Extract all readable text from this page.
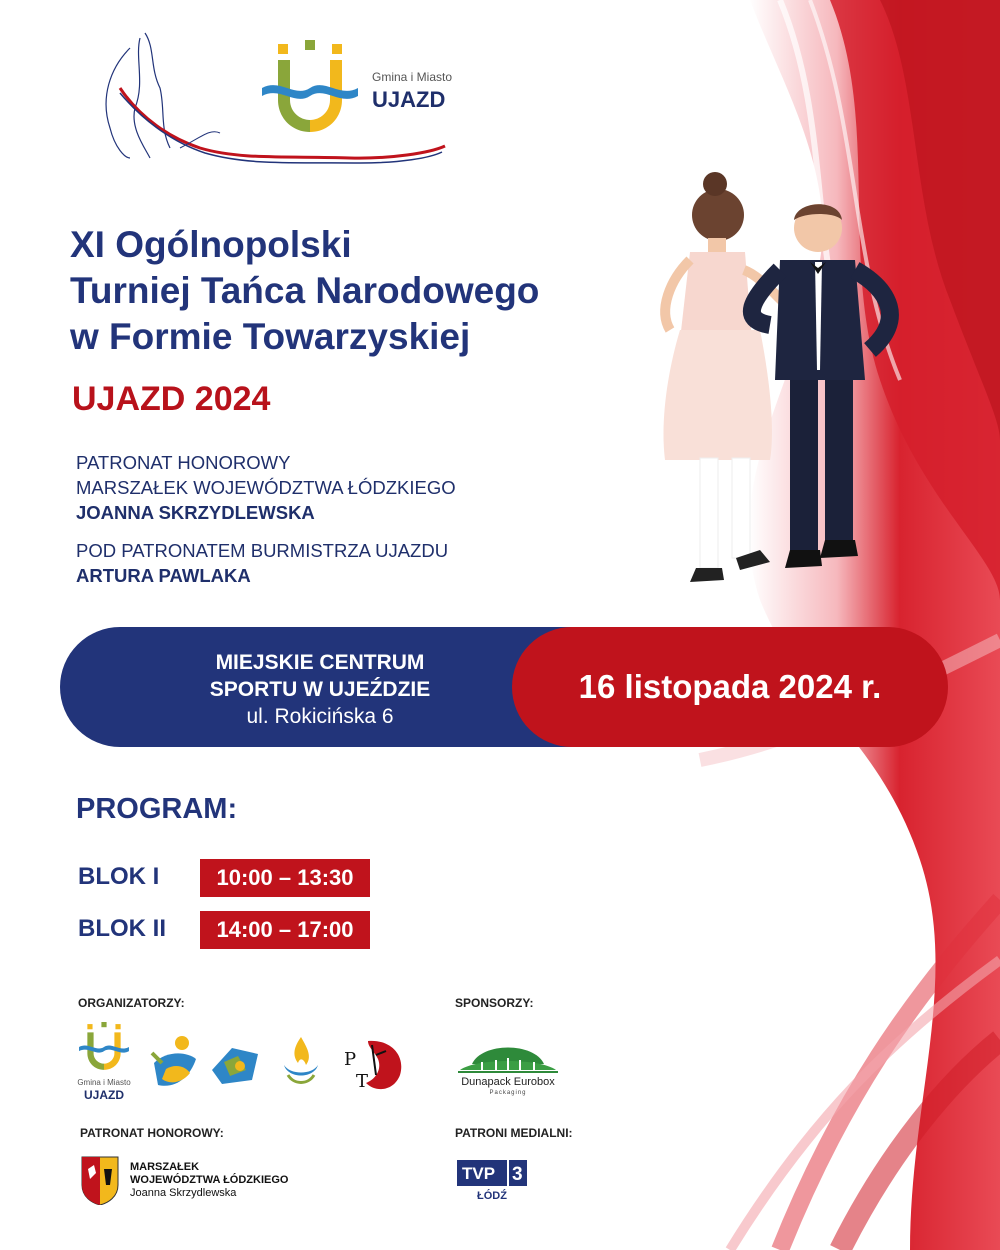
Gmina i Miasto
UJAZD
XI Ogólnopolski
Turniej Tańca Narodowego
w Formie Towarzyskiej
UJAZD 2024
PATRONAT HONOROWY
MARSZAŁEK WOJEWÓDZTWA ŁÓDZKIEGO
JOANNA SKRZYDLEWSKA
POD PATRONATEM BURMISTRZA UJAZDU
ARTURA PAWLAKA
MIEJSKIE CENTRUM
SPORTU W UJEŹDZIE
ul. Rokicińska 6
16 listopada 2024 r.
PROGRAM:
BLOK I	10:00 – 13:30
BLOK II	14:00 – 17:00
ORGANIZATORZY:	SPONSORZY:
PATRONAT HONOROWY:	PATRONI MEDIALNI:
Gmina i Miasto
UJAZD
P
T	Dunapack Eurobox
Packaging
MARSZAŁEK
WOJEWÓDZTWA ŁÓDZKIEGO
Joanna Skrzydlewska
TVP 3
ŁÓDŹ
